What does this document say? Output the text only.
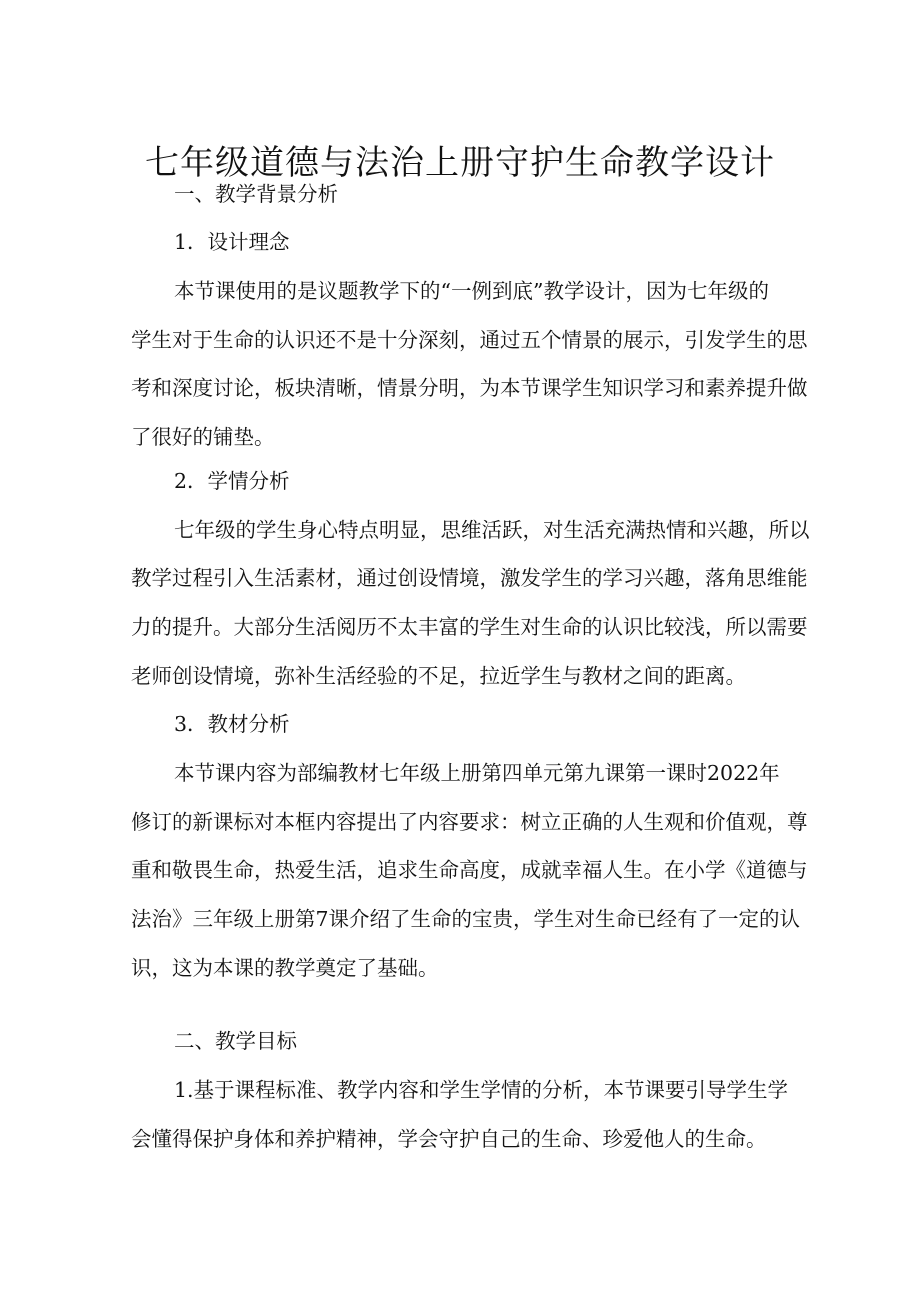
七年级道德与法治上册守护生命教学设计
一、教学背景分析
1．设计理念
本节课使用的是议题教学下的“一例到底”教学设计，因为七年级的
学生对于生命的认识还不是十分深刻，通过五个情景的展示，引发学生的思
考和深度讨论，板块清晰，情景分明，为本节课学生知识学习和素养提升做
了很好的铺垫。
2．学情分析
七年级的学生身心特点明显，思维活跃，对生活充满热情和兴趣，所以
教学过程引入生活素材，通过创设情境，激发学生的学习兴趣，落角思维能
力的提升。大部分生活阅历不太丰富的学生对生命的认识比较浅，所以需要
老师创设情境，弥补生活经验的不足，拉近学生与教材之间的距离。
3．教材分析
本节课内容为部编教材七年级上册第四单元第九课第一课时2022年
修订的新课标对本框内容提出了内容要求：树立正确的人生观和价值观，尊
重和敬畏生命，热爱生活，追求生命高度，成就幸福人生。在小学《道德与
法治》三年级上册第7课介绍了生命的宝贵，学生对生命已经有了一定的认
识，这为本课的教学奠定了基础。
二、教学目标
1.基于课程标准、教学内容和学生学情的分析，本节课要引导学生学
会懂得保护身体和养护精神，学会守护自己的生命、珍爱他人的生命。
